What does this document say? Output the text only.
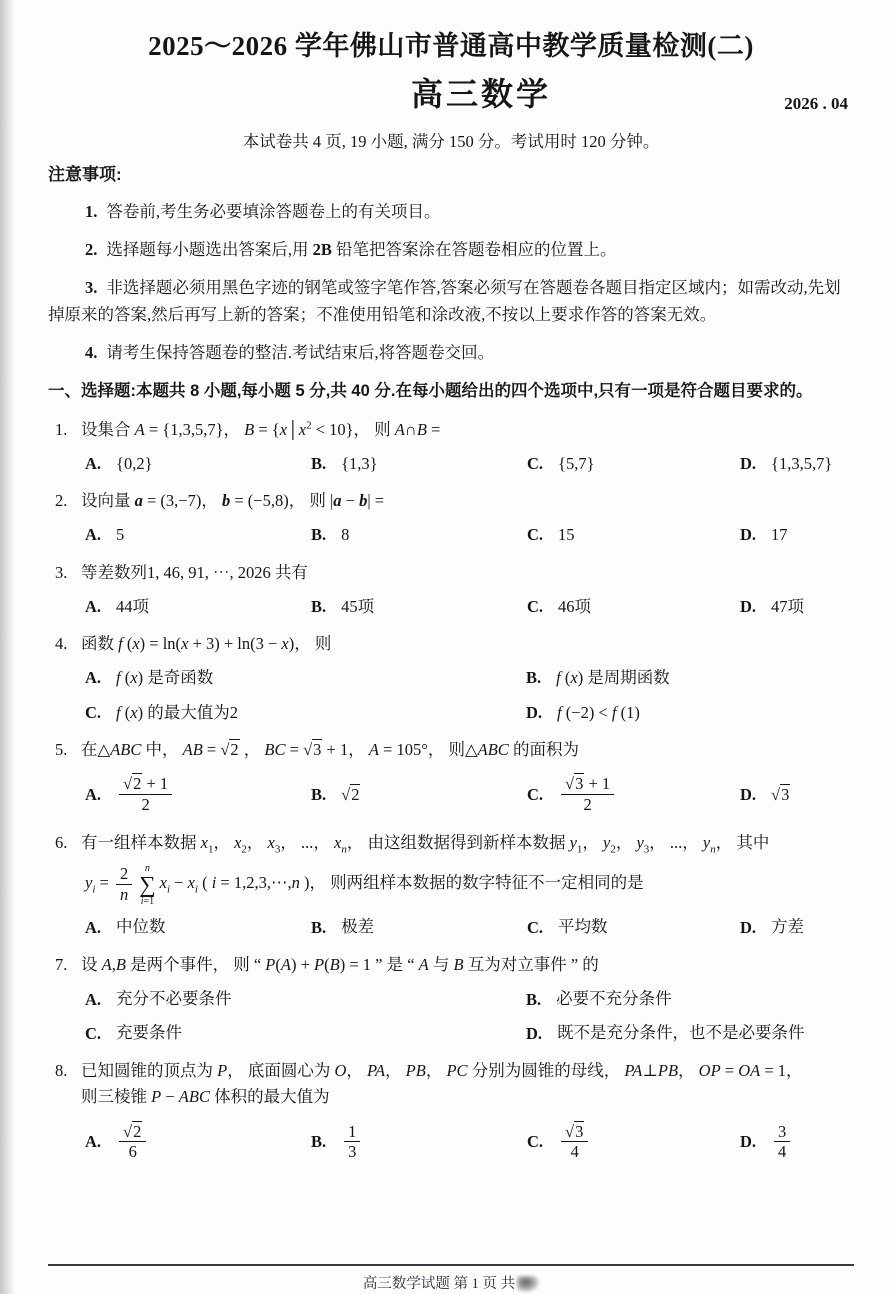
2025～2026 学年佛山市普通高中教学质量检测(二)
高三数学	2026 . 04

本试卷共 4 页, 19 小题, 满分 150 分。考试用时 120 分钟。

注意事项:

1. 答卷前,考生务必要填涂答题卷上的有关项目。

2. 选择题每小题选出答案后,用 2B 铅笔把答案涂在答题卷相应的位置上。

3. 非选择题必须用黑色字迹的钢笔或签字笔作答,答案必须写在答题卷各题目指定区域内；如需改动,先划掉原来的答案,然后再写上新的答案；不准使用铅笔和涂改液,不按以上要求作答的答案无效。

4. 请考生保持答题卷的整洁.考试结束后,将答题卷交回。

一、选择题:本题共 8 小题,每小题 5 分,共 40 分.在每小题给出的四个选项中,只有一项是符合题目要求的。

1. 设集合 A = {1,3,5,7}， $B = \{x│x^2 < 10\}$， 则 A∩B =
A. {0,2}	B. {1,3}	C. {5,7}	D. {1,3,5,7}
2. 设向量 a = (3,−7)， b = (−5,8)， 则 |a − b| =
A. 5	B. 8	C. 15	D. 17
3. 等差数列1, 46, 91, ⋯, 2026 共有
A. 44项	B. 45项	C. 46项	D. 47项
4. 函数 f (x) = ln(x + 3) + ln(3 − x)， 则
A. f (x) 是奇函数	B. f (x) 是周期函数
C. f (x) 的最大值为2	D. f (−2) < f (1)
5. 在△ABC 中， AB = √2 ， BC = √3 + 1， A = 105°， 则△ABC 的面积为
A. $\frac{√2 + 1}{2}$	B. √2	C. $\frac{√3 + 1}{2}$	D. √3
6. 有一组样本数据 $x_1$， $x_2$， $x_3$， ...， $x_n$， 由这组数据得到新样本数据 $y_1$， $y_2$， $y_3$， ...， $y_n$， 其中
$y_i = \frac{2}{n}$ n
∑
i=1
$x_i - x_i$ ( i = 1,2,3,⋯,n )， 则两组样本数据的数字特征不一定相同的是
A. 中位数	B. 极差	C. 平均数	D. 方差
7. 设 A,B 是两个事件， 则 “ P(A) + P(B) = 1 ” 是 “ A 与 B 互为对立事件 ” 的
A. 充分不必要条件	B. 必要不充分条件
C. 充要条件	D. 既不是充分条件，也不是必要条件
8. 已知圆锥的顶点为 P， 底面圆心为 O， PA， PB， PC 分别为圆锥的母线， PA⊥PB， OP = OA = 1，
则三棱锥 P − ABC 体积的最大值为
A. $\frac{√2}{6}$	B. $\frac{1}{3}$	C. $\frac{√3}{4}$	D. $\frac{3}{4}$
高三数学试题 第 1 页 共
